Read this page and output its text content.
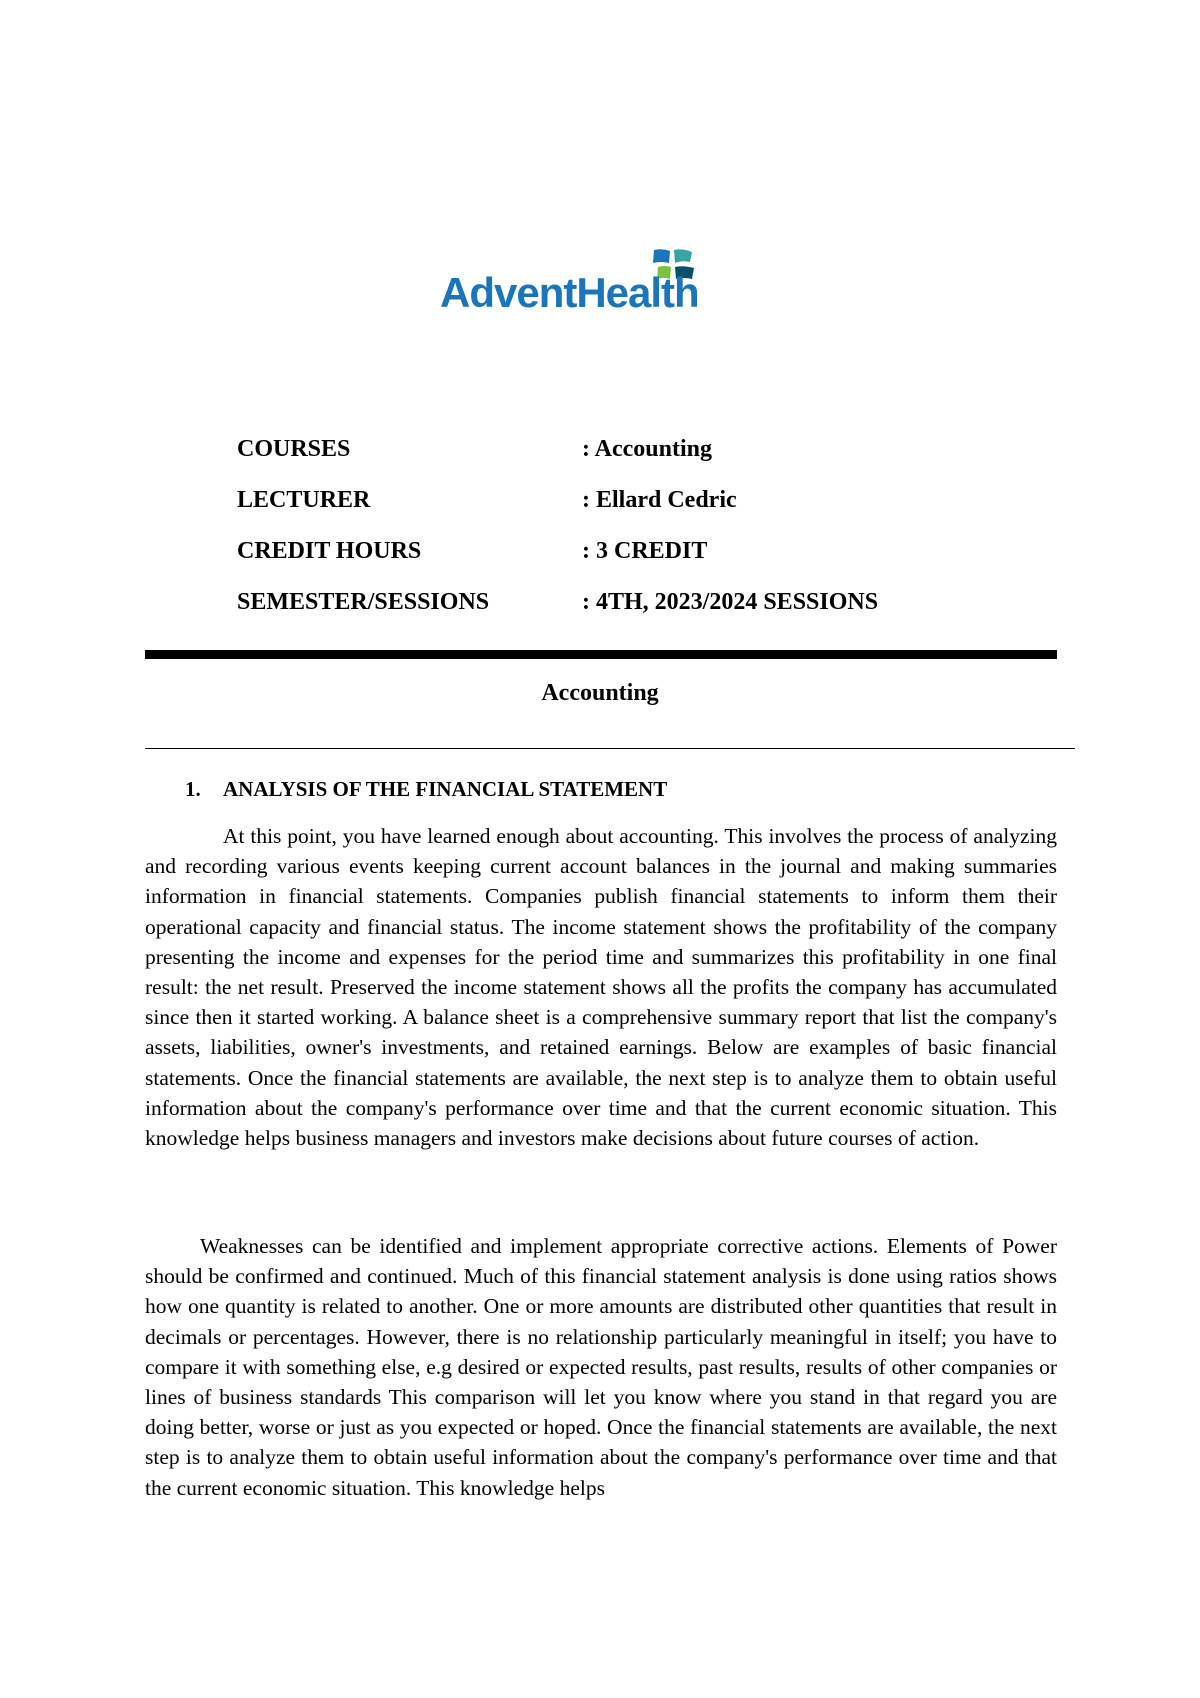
AdventHealth
COURSES	: Accounting
LECTURER	: Ellard Cedric
CREDIT HOURS	: 3 CREDIT
SEMESTER/SESSIONS	: 4TH, 2023/2024 SESSIONS
Accounting
1. ANALYSIS OF THE FINANCIAL STATEMENT

At this point, you have learned enough about accounting. This involves the process of analyzing and recording various events keeping current account balances in the journal and making summaries information in financial statements. Companies publish financial statements to inform them their operational capacity and financial status. The income statement shows the profitability of the company presenting the income and expenses for the period time and summarizes this profitability in one final result: the net result. Preserved the income statement shows all the profits the company has accumulated since then it started working. A balance sheet is a comprehensive summary report that list the company's assets, liabilities, owner's investments, and retained earnings. Below are examples of basic financial statements. Once the financial statements are available, the next step is to analyze them to obtain useful information about the company's performance over time and that the current economic situation. This knowledge helps business managers and investors make decisions about future courses of action.

Weaknesses can be identified and implement appropriate corrective actions. Elements of Power should be confirmed and continued. Much of this financial statement analysis is done using ratios shows how one quantity is related to another. One or more amounts are distributed other quantities that result in decimals or percentages. However, there is no relationship particularly meaningful in itself; you have to compare it with something else, e.g desired or expected results, past results, results of other companies or lines of business standards This comparison will let you know where you stand in that regard you are doing better, worse or just as you expected or hoped. Once the financial statements are available, the next step is to analyze them to obtain useful information about the company's performance over time and that the current economic situation. This knowledge helps
